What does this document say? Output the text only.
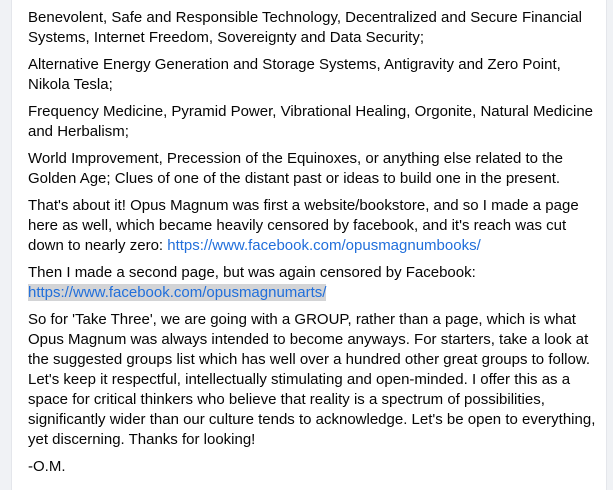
Benevolent, Safe and Responsible Technology, Decentralized and Secure Financial Systems, Internet Freedom, Sovereignty and Data Security;

Alternative Energy Generation and Storage Systems, Antigravity and Zero Point, Nikola Tesla;

Frequency Medicine, Pyramid Power, Vibrational Healing, Orgonite, Natural Medicine and Herbalism;

World Improvement, Precession of the Equinoxes, or anything else related to the Golden Age; Clues of one of the distant past or ideas to build one in the present.

That's about it! Opus Magnum was first a website/bookstore, and so I made a page here as well, which became heavily censored by facebook, and it's reach was cut down to nearly zero: https://www.facebook.com/opusmagnumbooks/

Then I made a second page, but was again censored by Facebook: https://www.facebook.com/opusmagnumarts/

So for 'Take Three', we are going with a GROUP, rather than a page, which is what Opus Magnum was always intended to become anyways. For starters, take a look at the suggested groups list which has well over a hundred other great groups to follow. Let's keep it respectful, intellectually stimulating and open-minded. I offer this as a space for critical thinkers who believe that reality is a spectrum of possibilities, significantly wider than our culture tends to acknowledge. Let's be open to everything, yet discerning. Thanks for looking!

-O.M.
